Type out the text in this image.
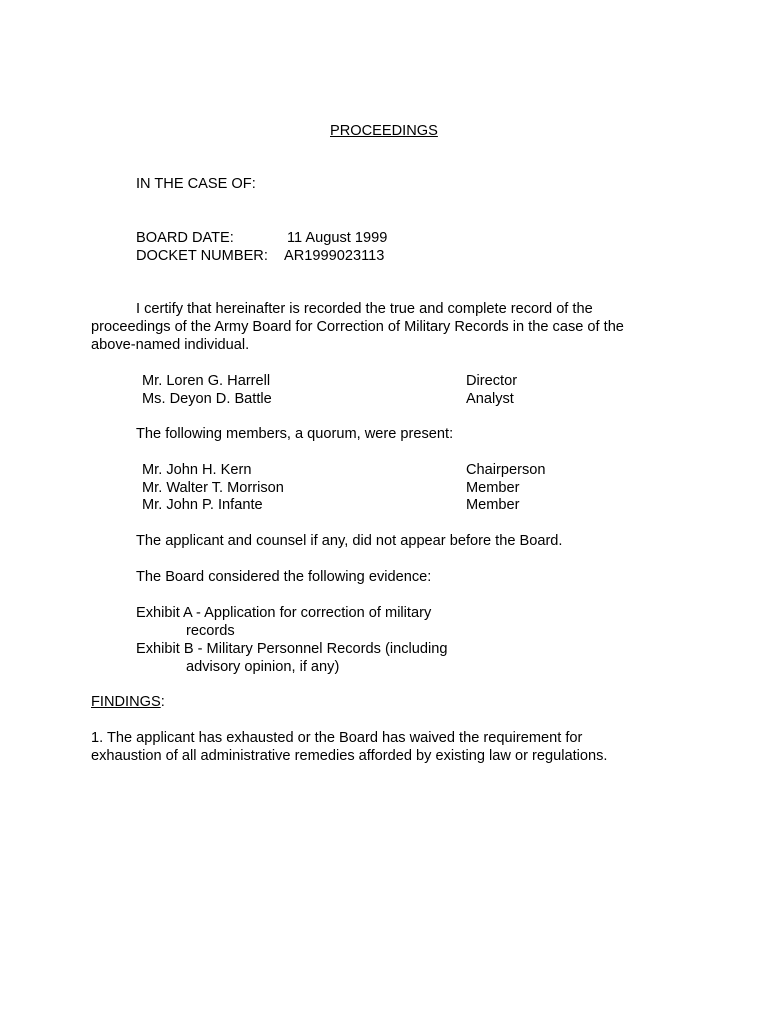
PROCEEDINGS
IN THE CASE OF:
BOARD DATE:	11 August 1999
DOCKET NUMBER: AR1999023113
I certify that hereinafter is recorded the true and complete record of the
proceedings of the Army Board for Correction of Military Records in the case of the
above-named individual.
Mr. Loren G. Harrell	Director
Ms. Deyon D. Battle	Analyst
The following members, a quorum, were present:
Mr. John H. Kern	Chairperson
Mr. Walter T. Morrison	Member
Mr. John P. Infante	Member
The applicant and counsel if any, did not appear before the Board.
The Board considered the following evidence:
Exhibit A - Application for correction of military
records
Exhibit B - Military Personnel Records (including
advisory opinion, if any)
FINDINGS:
1. The applicant has exhausted or the Board has waived the requirement for
exhaustion of all administrative remedies afforded by existing law or regulations.
